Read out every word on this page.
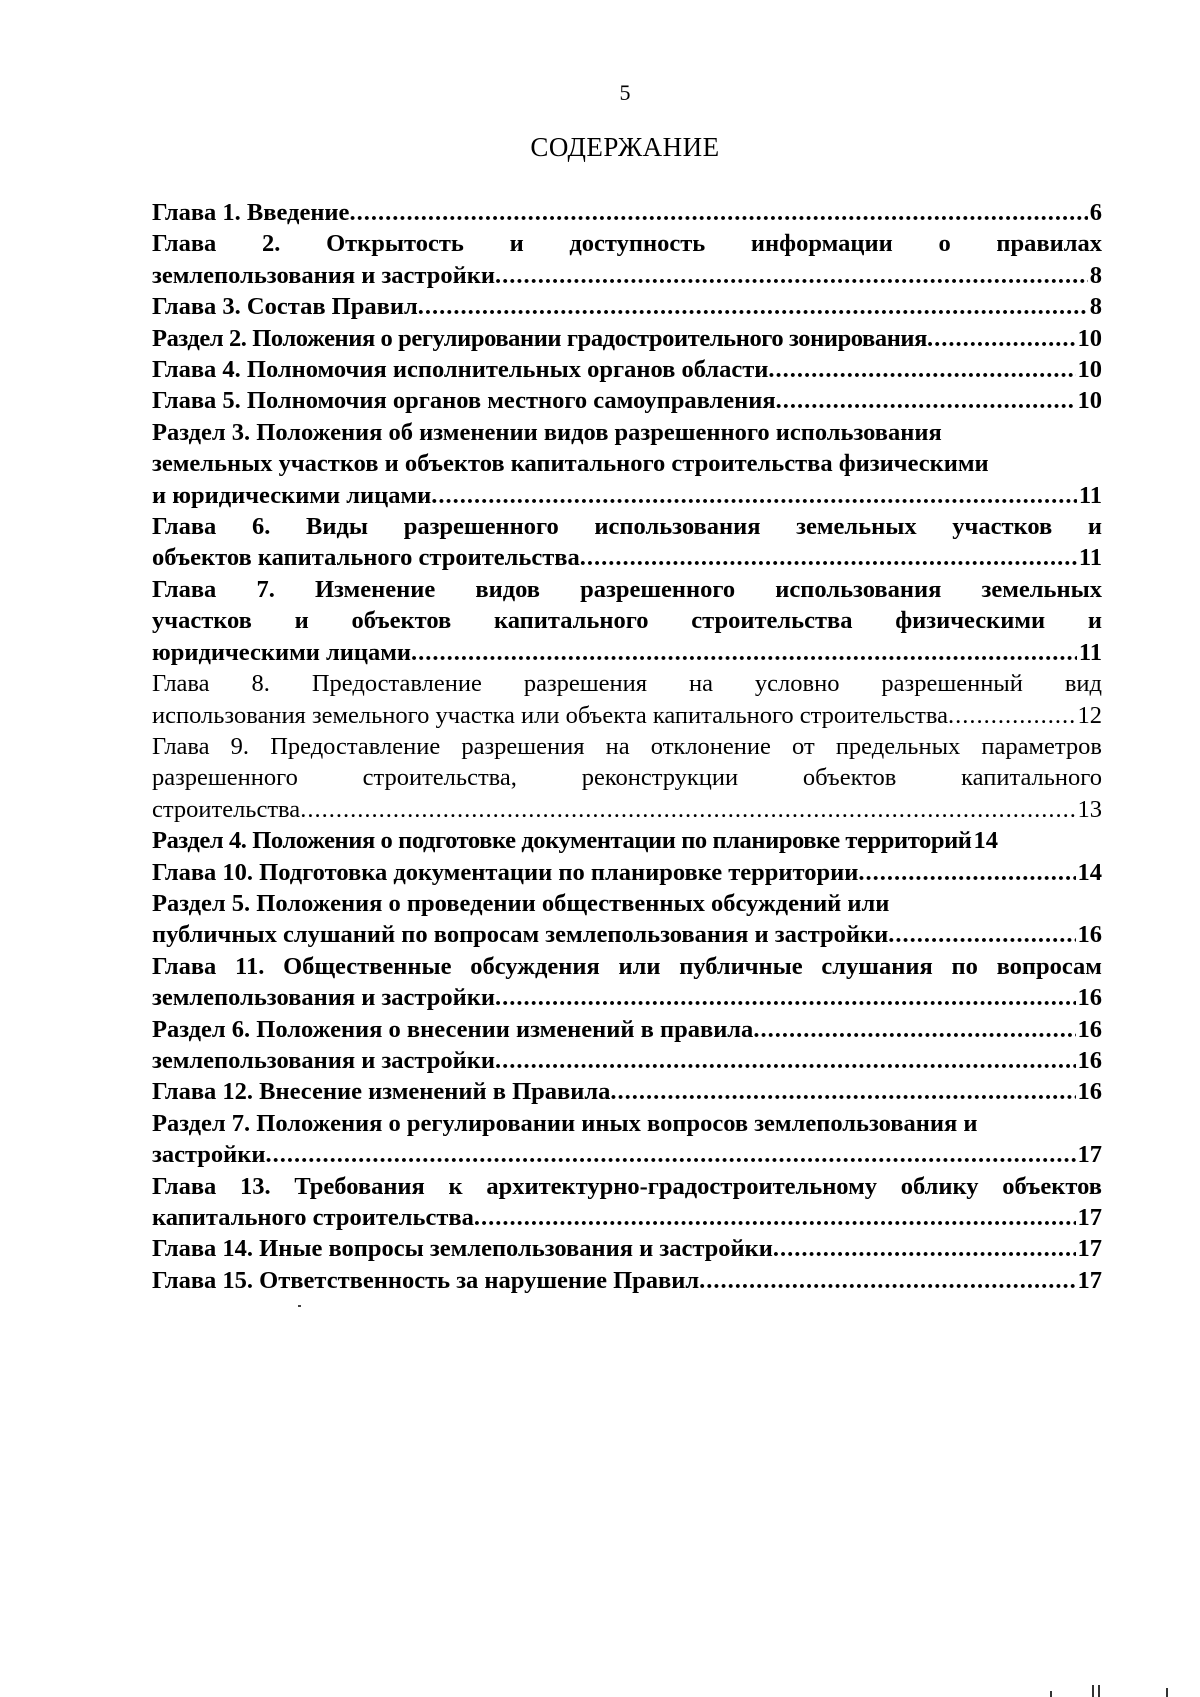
5
СОДЕРЖАНИЕ
Глава 1. Введение .....	6
Глава 2. Открытость и доступность информации о правилах
землепользования и застройки .....	8
Глава 3. Состав Правил .....	8
Раздел 2. Положения о регулировании градостроительного зонирования .....	10
Глава 4. Полномочия исполнительных органов области .....	10
Глава 5. Полномочия органов местного самоуправления .....	10
Раздел 3. Положения об изменении видов разрешенного использования
земельных участков и объектов капитального строительства физическими
и юридическими лицами .....	11
Глава 6. Виды разрешенного использования земельных участков и
объектов капитального строительства .....	11
Глава 7. Изменение видов разрешенного использования земельных
участков и объектов капитального строительства физическими и
юридическими лицами .....	11
Глава 8. Предоставление разрешения на условно разрешенный вид
использования земельного участка или объекта капитального строительства .....	12
Глава 9. Предоставление разрешения на отклонение от предельных параметров
разрешенного строительства, реконструкции объектов капитального
строительства .....	13
Раздел 4. Положения о подготовке документации по планировке территорий 14
Глава 10. Подготовка документации по планировке территории .....	14
Раздел 5. Положения о проведении общественных обсуждений или
публичных слушаний по вопросам землепользования и застройки .....	16
Глава 11. Общественные обсуждения или публичные слушания по вопросам
землепользования и застройки .....	16
Раздел 6. Положения о внесении изменений в правила .....	16
землепользования и застройки .....	16
Глава 12. Внесение изменений в Правила .....	16
Раздел 7. Положения о регулировании иных вопросов землепользования и
застройки .....	17
Глава 13. Требования к архитектурно-градостроительному облику объектов
капитального строительства .....	17
Глава 14. Иные вопросы землепользования и застройки .....	17
Глава 15. Ответственность за нарушение Правил .....	17
